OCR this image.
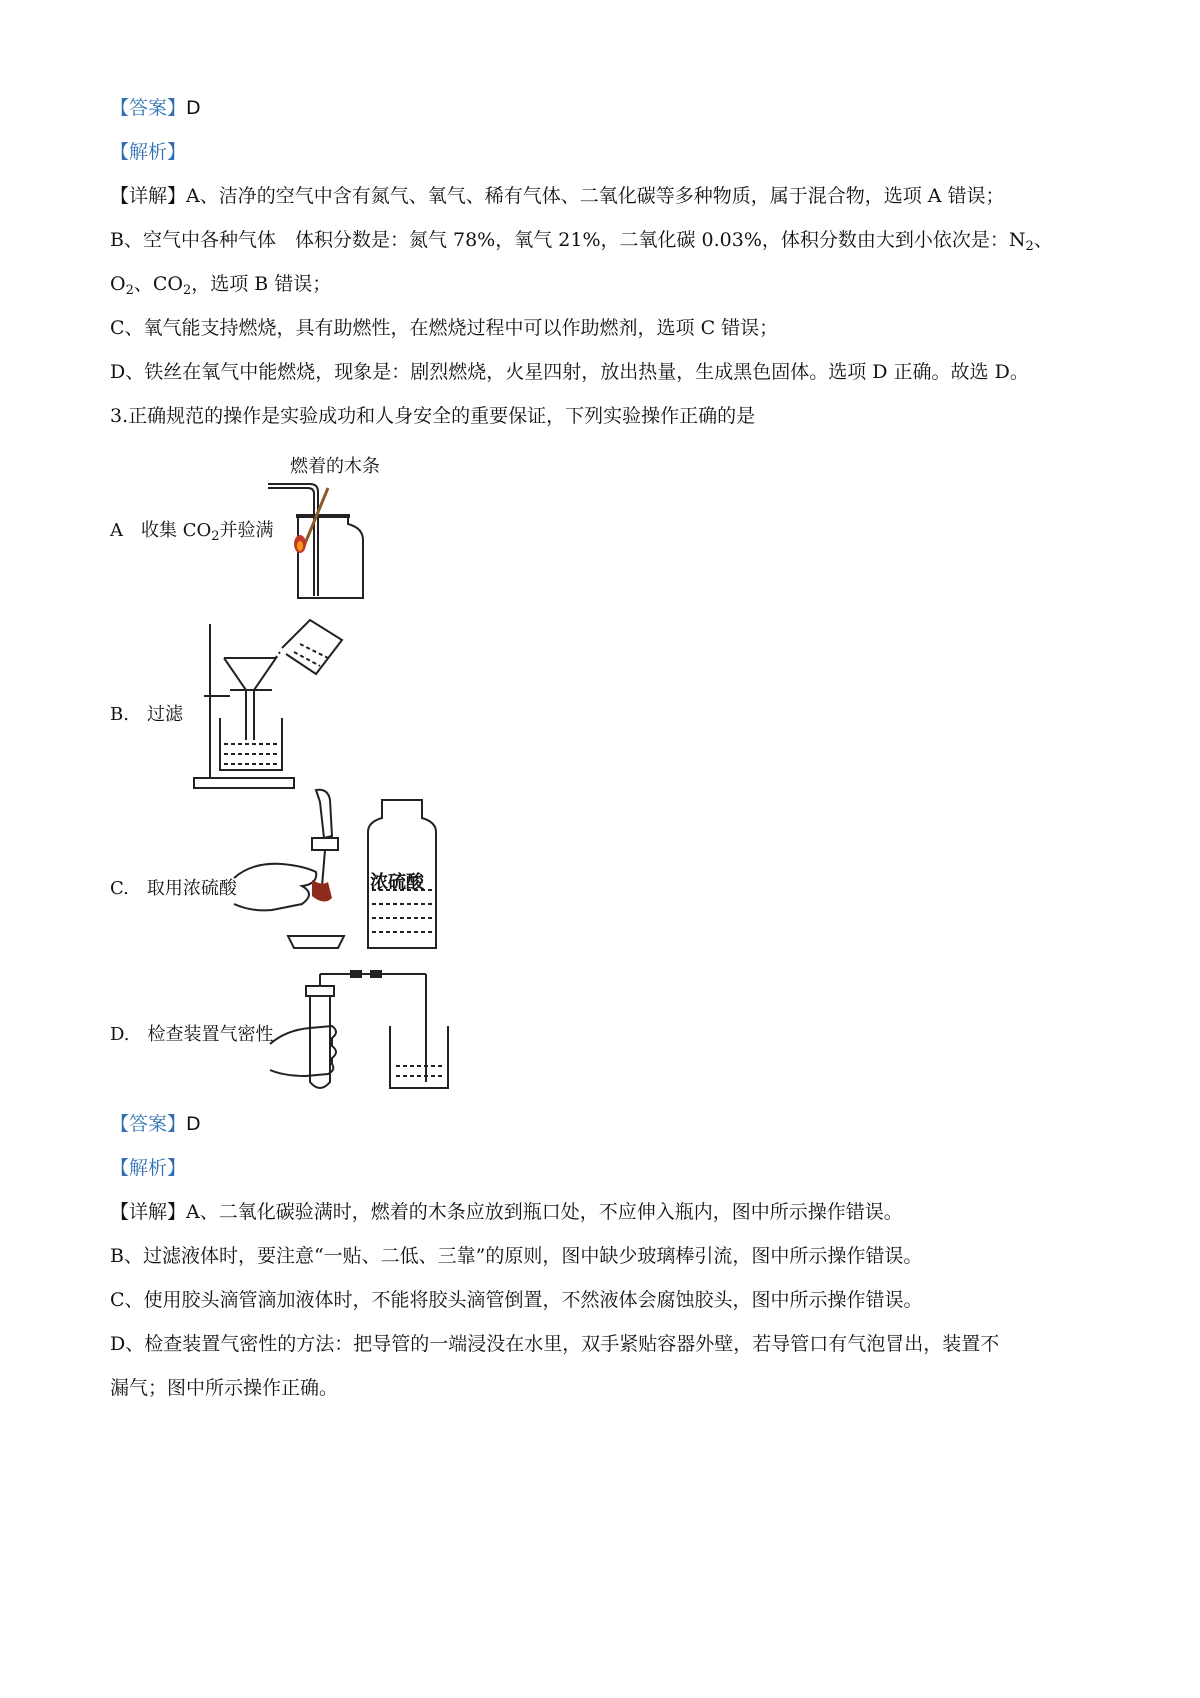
【答案】D
【解析】
【详解】A、洁净的空气中含有氮气、氧气、稀有气体、二氧化碳等多种物质，属于混合物，选项 A 错误；
B、空气中各种气体　体积分数是：氮气 78%，氧气 21%，二氧化碳 0.03%，体积分数由大到小依次是：$N_2$、
$O_2$、$CO_2$，选项 B 错误；
C、氧气能支持燃烧，具有助燃性，在燃烧过程中可以作助燃剂，选项 C 错误；
D、铁丝在氧气中能燃烧，现象是：剧烈燃烧，火星四射，放出热量，生成黑色固体。选项 D 正确。故选 D。
3.正确规范的操作是实验成功和人身安全的重要保证，下列实验操作正确的是
A　收集 $CO_2$并验满
燃着的木条
B.　过滤
C.　取用浓硫酸	浓硫酸
D.　检查装置气密性
【答案】D
【解析】
【详解】A、二氧化碳验满时，燃着的木条应放到瓶口处，不应伸入瓶内，图中所示操作错误。
B、过滤液体时，要注意“一贴、二低、三靠”的原则，图中缺少玻璃棒引流，图中所示操作错误。
C、使用胶头滴管滴加液体时，不能将胶头滴管倒置，不然液体会腐蚀胶头，图中所示操作错误。
D、检查装置气密性的方法：把导管的一端浸没在水里，双手紧贴容器外壁，若导管口有气泡冒出，装置不
漏气；图中所示操作正确。
